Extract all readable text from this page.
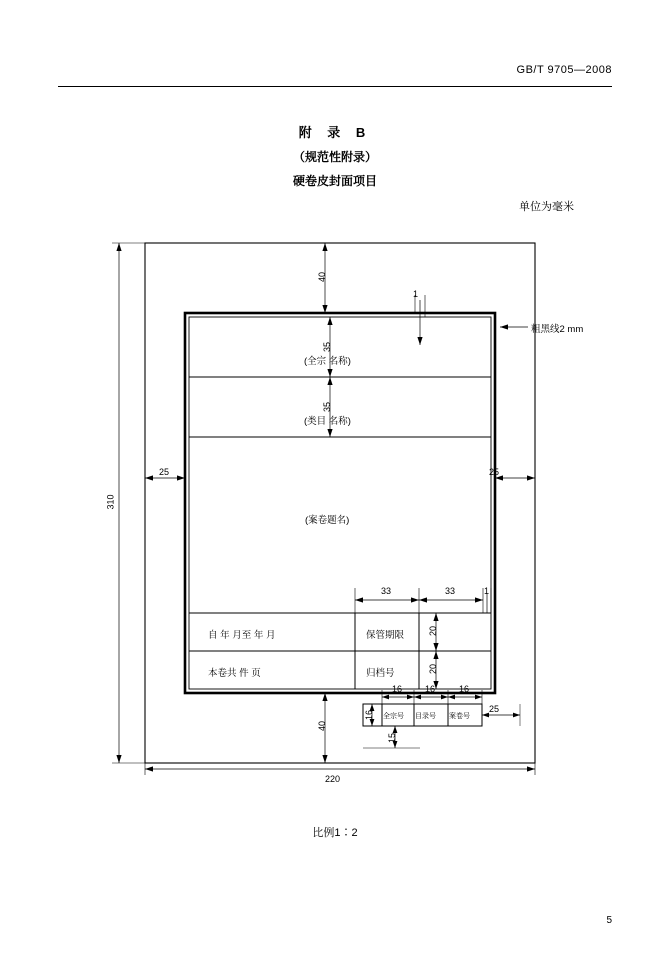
GB/T 9705—2008
附 录 B
（规范性附录）
硬卷皮封面项目
单位为毫米
310
220
40
40
25	25
1
35
35
33	33	1
20
20
16	16	16
16
15
25
粗黑线2 mm
(全宗 名称)
(类目 名称)
(案卷题名)
自 年 月至 年 月	保管期限
本卷共 件 页	归档号
全宗号 目录号 案卷号
比例1∶2
5
